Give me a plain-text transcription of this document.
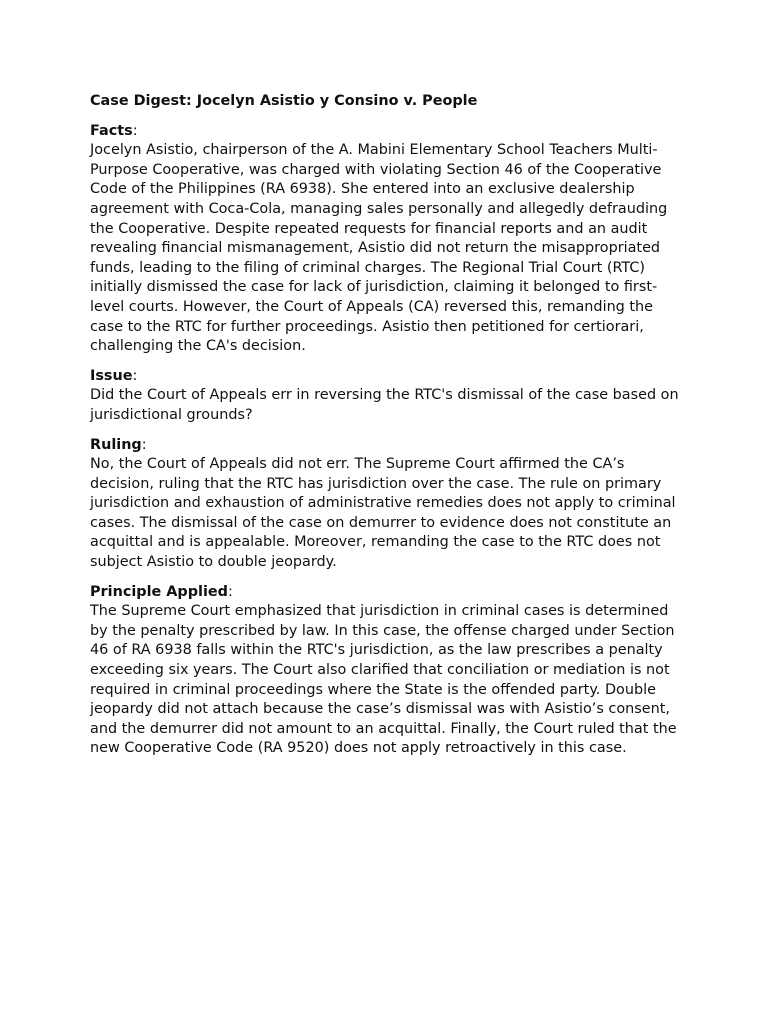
Case Digest: Jocelyn Asistio y Consino v. People
Facts:

Jocelyn Asistio, chairperson of the A. Mabini Elementary School Teachers Multi-Purpose Cooperative, was charged with violating Section 46 of the Cooperative Code of the Philippines (RA 6938). She entered into an exclusive dealership agreement with Coca-Cola, managing sales personally and allegedly defrauding the Cooperative. Despite repeated requests for financial reports and an audit revealing financial mismanagement, Asistio did not return the misappropriated funds, leading to the filing of criminal charges. The Regional Trial Court (RTC) initially dismissed the case for lack of jurisdiction, claiming it belonged to first-level courts. However, the Court of Appeals (CA) reversed this, remanding the case to the RTC for further proceedings. Asistio then petitioned for certiorari, challenging the CA's decision.

Issue:

Did the Court of Appeals err in reversing the RTC's dismissal of the case based on jurisdictional grounds?

Ruling:

No, the Court of Appeals did not err. The Supreme Court affirmed the CA’s decision, ruling that the RTC has jurisdiction over the case. The rule on primary jurisdiction and exhaustion of administrative remedies does not apply to criminal cases. The dismissal of the case on demurrer to evidence does not constitute an acquittal and is appealable. Moreover, remanding the case to the RTC does not subject Asistio to double jeopardy.

Principle Applied:

The Supreme Court emphasized that jurisdiction in criminal cases is determined by the penalty prescribed by law. In this case, the offense charged under Section 46 of RA 6938 falls within the RTC's jurisdiction, as the law prescribes a penalty exceeding six years. The Court also clarified that conciliation or mediation is not required in criminal proceedings where the State is the offended party. Double jeopardy did not attach because the case’s dismissal was with Asistio’s consent, and the demurrer did not amount to an acquittal. Finally, the Court ruled that the new Cooperative Code (RA 9520) does not apply retroactively in this case.
